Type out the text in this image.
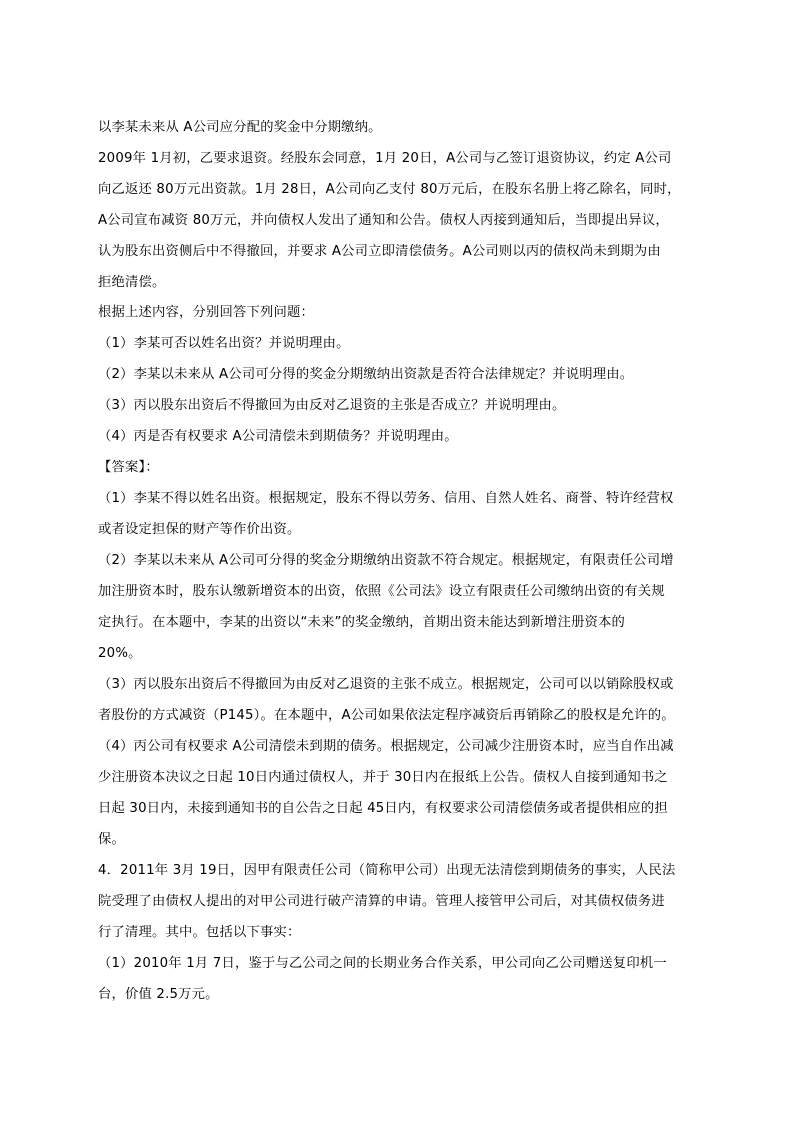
以李某未来从 A公司应分配的奖金中分期缴纳。
2009年 1月初，乙要求退资。经股东会同意，1月 20日，A公司与乙签订退资协议，约定 A公司
向乙返还 80万元出资款。1月 28日，A公司向乙支付 80万元后，在股东名册上将乙除名，同时，
A公司宣布减资 80万元，并向债权人发出了通知和公告。债权人丙接到通知后，当即提出异议，
认为股东出资侧后中不得撤回，并要求 A公司立即清偿债务。A公司则以丙的债权尚未到期为由
拒绝清偿。
根据上述内容，分别回答下列问题：
（1）李某可否以姓名出资？并说明理由。
（2）李某以未来从 A公司可分得的奖金分期缴纳出资款是否符合法律规定？并说明理由。
（3）丙以股东出资后不得撤回为由反对乙退资的主张是否成立？并说明理由。
（4）丙是否有权要求 A公司清偿未到期债务？并说明理由。
【答案】：
（1）李某不得以姓名出资。根据规定，股东不得以劳务、信用、自然人姓名、商誉、特许经营权
或者设定担保的财产等作价出资。
（2）李某以未来从 A公司可分得的奖金分期缴纳出资款不符合规定。根据规定，有限责任公司增
加注册资本时，股东认缴新增资本的出资，依照《公司法》设立有限责任公司缴纳出资的有关规
定执行。在本题中，李某的出资以“未来”的奖金缴纳，首期出资未能达到新增注册资本的
20%。
（3）丙以股东出资后不得撤回为由反对乙退资的主张不成立。根据规定，公司可以以销除股权或
者股份的方式减资（P145）。在本题中，A公司如果依法定程序减资后再销除乙的股权是允许的。
（4）丙公司有权要求 A公司清偿未到期的债务。根据规定，公司减少注册资本时，应当自作出减
少注册资本决议之日起 10日内通过债权人，并于 30日内在报纸上公告。债权人自接到通知书之
日起 30日内，未接到通知书的自公告之日起 45日内，有权要求公司清偿债务或者提供相应的担
保。
4．2011年 3月 19日，因甲有限责任公司（简称甲公司）出现无法清偿到期债务的事实，人民法
院受理了由债权人提出的对甲公司进行破产清算的申请。管理人接管甲公司后，对其债权债务进
行了清理。其中。包括以下事实：
（1）2010年 1月 7日，鉴于与乙公司之间的长期业务合作关系，甲公司向乙公司赠送复印机一
台，价值 2.5万元。
